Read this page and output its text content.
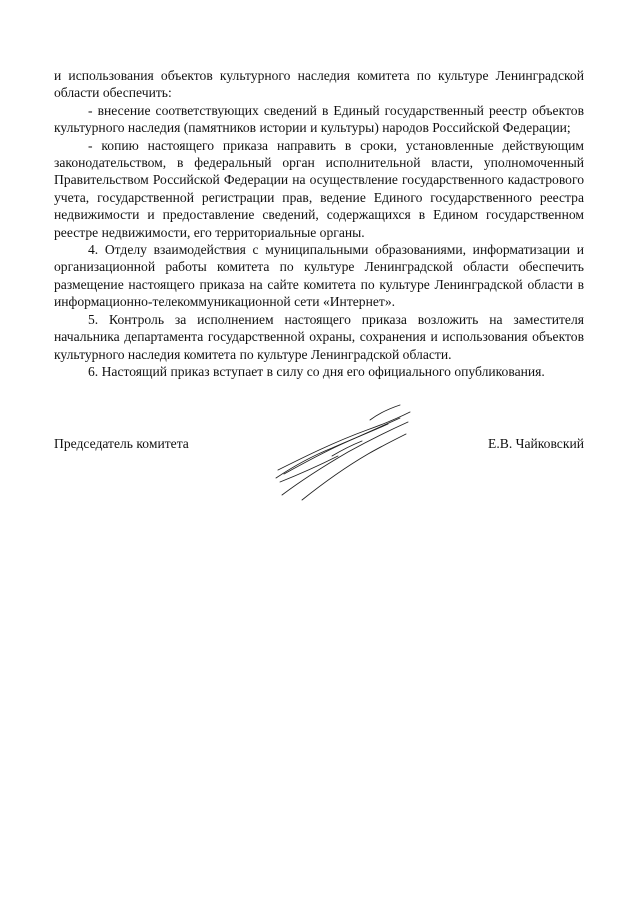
и использования объектов культурного наследия комитета по культуре Ленинградской области обеспечить:

- внесение соответствующих сведений в Единый государственный реестр объектов культурного наследия (памятников истории и культуры) народов Российской Федерации;

- копию настоящего приказа направить в сроки, установленные действующим законодательством, в федеральный орган исполнительной власти, уполномоченный Правительством Российской Федерации на осуществление государственного кадастрового учета, государственной регистрации прав, ведение Единого государственного реестра недвижимости и предоставление сведений, содержащихся в Едином государственном реестре недвижимости, его территориальные органы.

4. Отделу взаимодействия с муниципальными образованиями, информатизации и организационной работы комитета по культуре Ленинградской области обеспечить размещение настоящего приказа на сайте комитета по культуре Ленинградской области в информационно-телекоммуникационной сети «Интернет».

5. Контроль за исполнением настоящего приказа возложить на заместителя начальника департамента государственной охраны, сохранения и использования объектов культурного наследия комитета по культуре Ленинградской области.

6. Настоящий приказ вступает в силу со дня его официального опубликования.

Председатель комитета	Е.В. Чайковский
